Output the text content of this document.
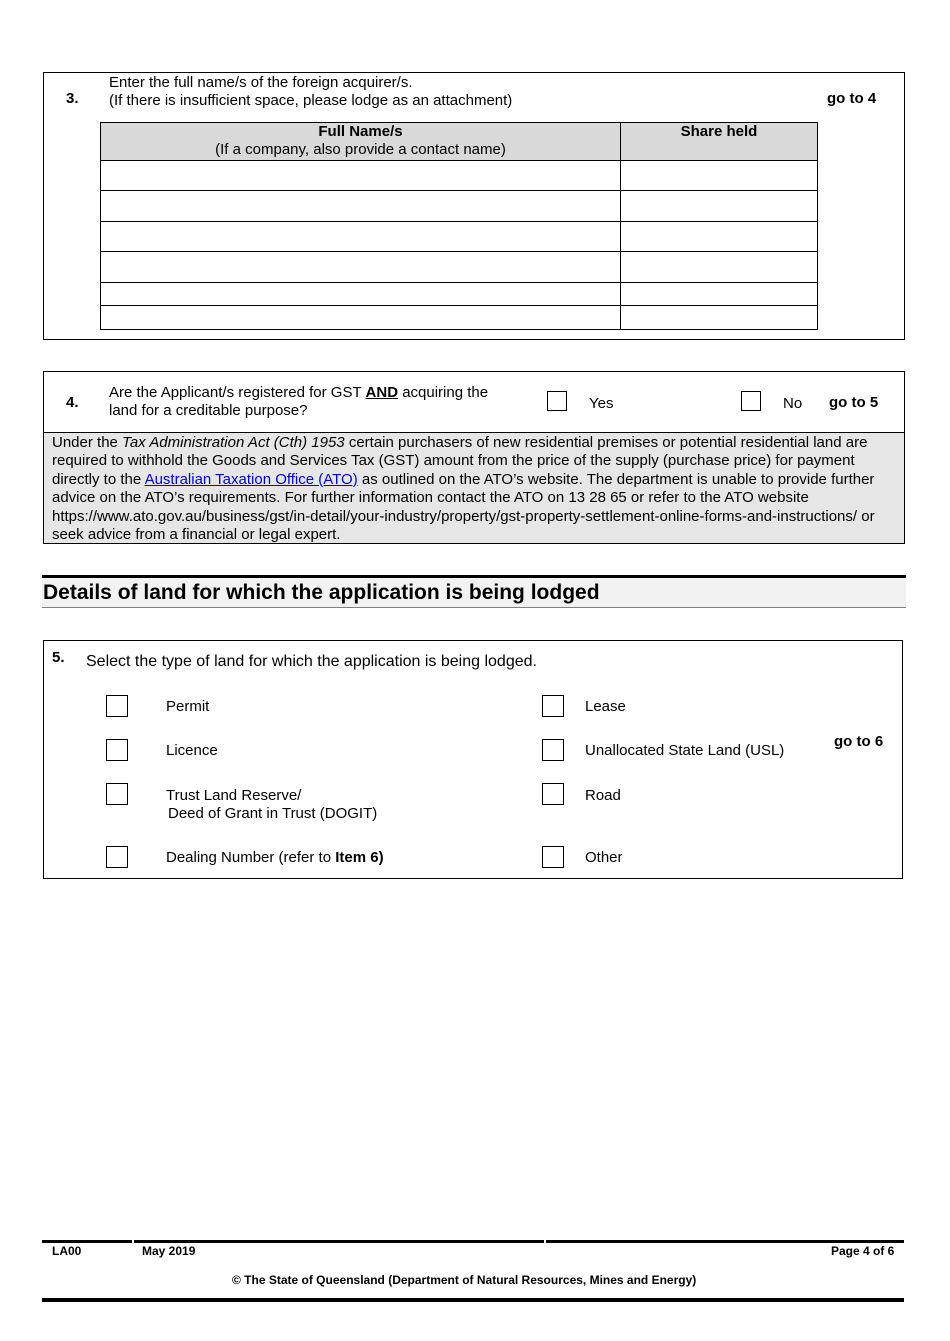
3.
Enter the full name/s of the foreign acquirer/s.
(If there is insufficient space, please lodge as an attachment)	go to 4
Full Name/s
(If a company, also provide a contact name)	Share held

4.
Are the Applicant/s registered for GST AND acquiring the
land for a creditable purpose?	Yes	No go to 5
Under the Tax Administration Act (Cth) 1953 certain purchasers of new residential premises or potential residential land are required to withhold the Goods and Services Tax (GST) amount from the price of the supply (purchase price) for payment directly to the Australian Taxation Office (ATO) as outlined on the ATO’s website. The department is unable to provide further advice on the ATO’s requirements. For further information contact the ATO on 13 28 65 or refer to the ATO website https://www.ato.gov.au/business/gst/in-detail/your-industry/property/gst-property-settlement-online-forms-and-instructions/ or seek advice from a financial or legal expert.
Details of land for which the application is being lodged
5. Select the type of land for which the application is being lodged.
go to 6
Permit
Licence
Trust Land Reserve/
Deed of Grant in Trust (DOGIT)
Dealing Number (refer to Item 6)
Lease
Unallocated State Land (USL)
Road
Other
LA00	May 2019	Page 4 of 6
© The State of Queensland (Department of Natural Resources, Mines and Energy)
